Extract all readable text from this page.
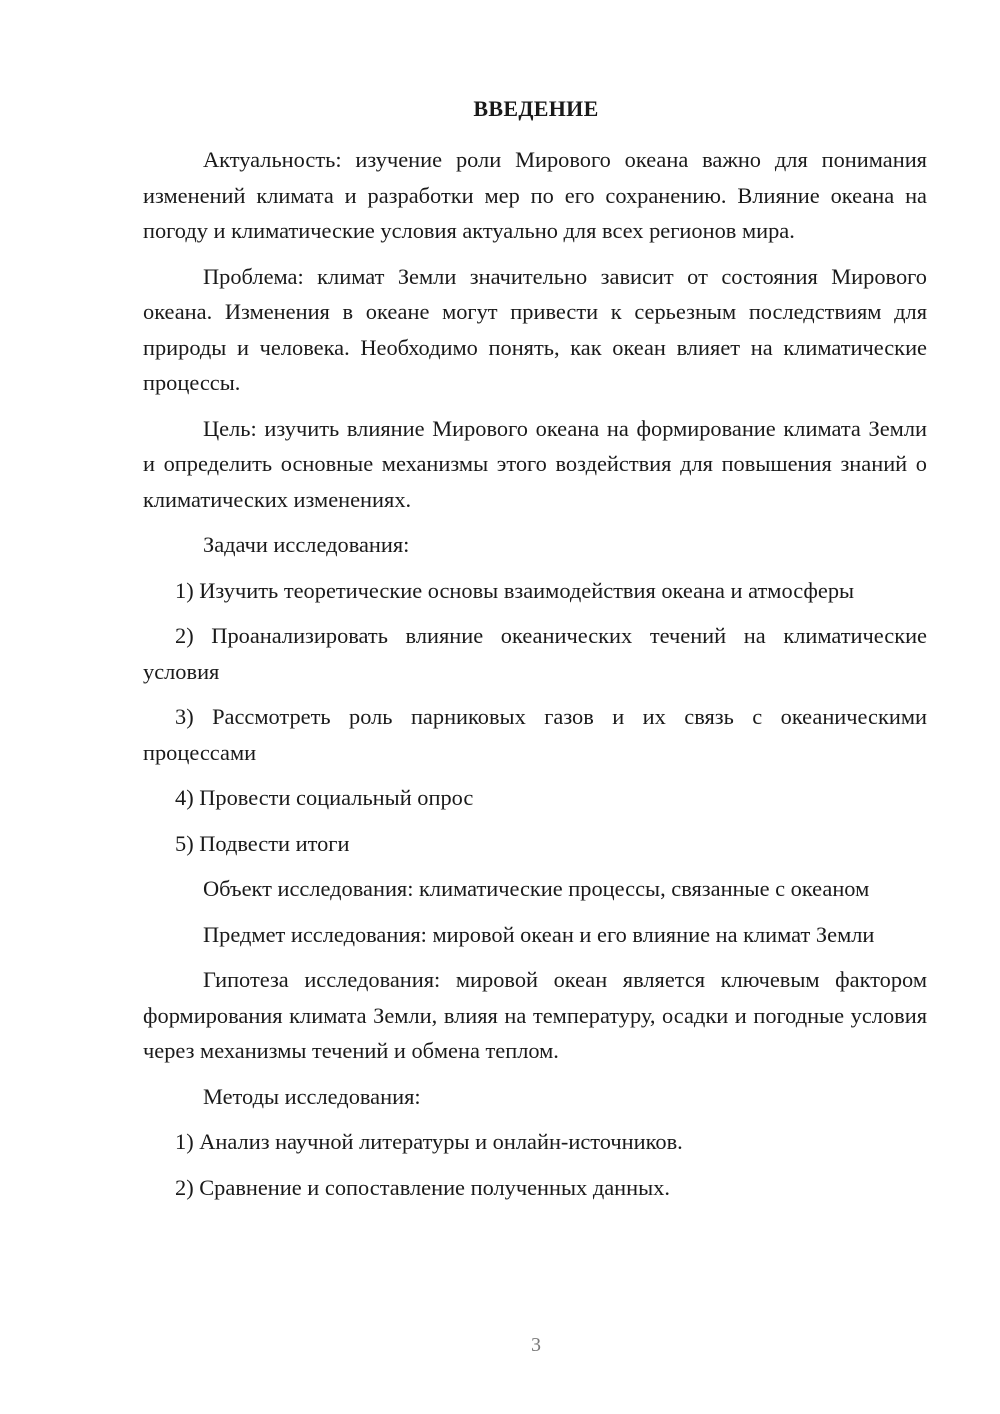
ВВЕДЕНИЕ

Актуальность: изучение роли Мирового океана важно для понимания изменений климата и разработки мер по его сохранению. Влияние океана на погоду и климатические условия актуально для всех регионов мира.

Проблема: климат Земли значительно зависит от состояния Мирового океана. Изменения в океане могут привести к серьезным последствиям для природы и человека. Необходимо понять, как океан влияет на климатические процессы.

Цель: изучить влияние Мирового океана на формирование климата Земли и определить основные механизмы этого воздействия для повышения знаний о климатических изменениях.

Задачи исследования:

1) Изучить теоретические основы взаимодействия океана и атмосферы

2) Проанализировать влияние океанических течений на климатические условия

3) Рассмотреть роль парниковых газов и их связь с океаническими процессами

4) Провести социальный опрос

5) Подвести итоги

Объект исследования: климатические процессы, связанные с океаном

Предмет исследования: мировой океан и его влияние на климат Земли

Гипотеза исследования: мировой океан является ключевым фактором формирования климата Земли, влияя на температуру, осадки и погодные условия через механизмы течений и обмена теплом.

Методы исследования:

1) Анализ научной литературы и онлайн-источников.

2) Сравнение и сопоставление полученных данных.

3
